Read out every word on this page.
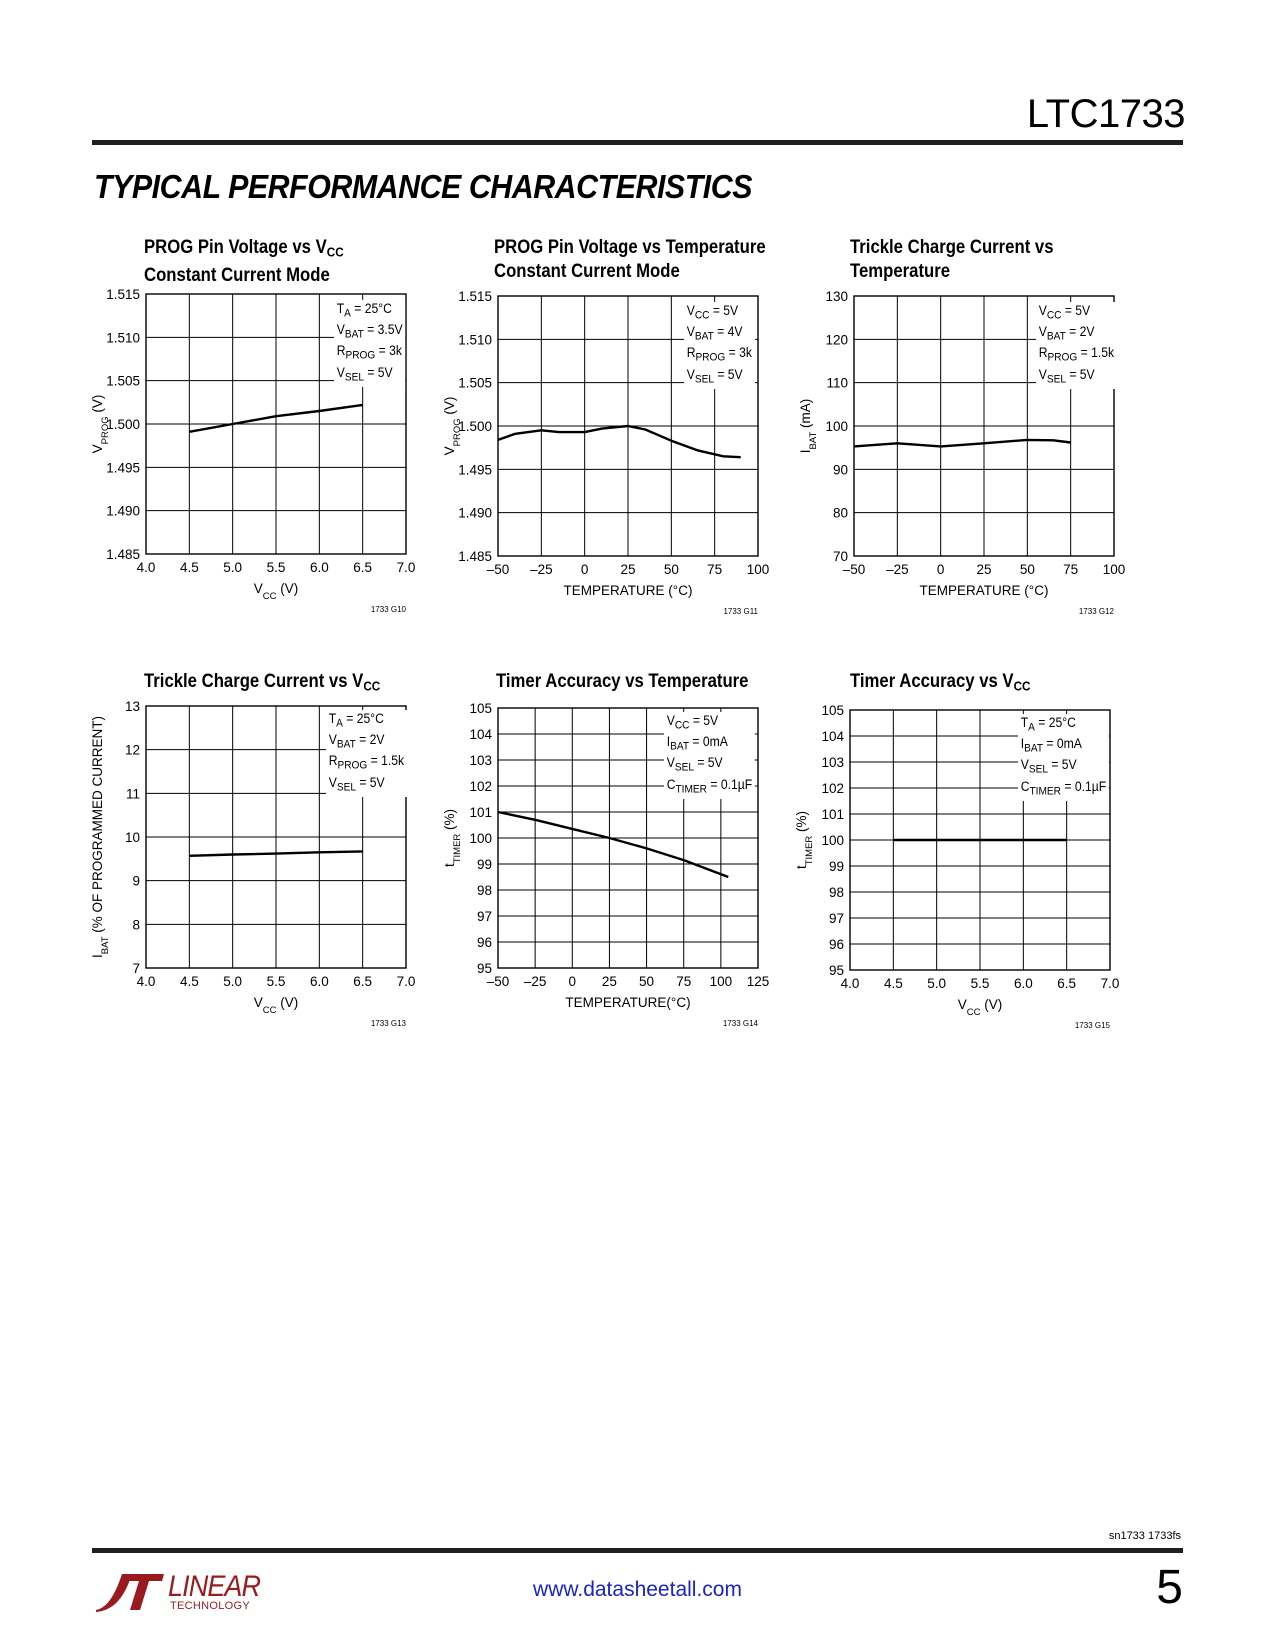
LTC1733
TYPICAL PERFORMANCE CHARACTERISTICS
PROG Pin Voltage vs $V_{CC}$
Constant Current Mode
4.0 4.5 5.0 5.5 6.0 6.5 7.0
1.485
1.490
1.495
1.500
1.505
1.510
1.515
$V_{CC}$ (V)
$V_{PROG}$ (V)
1733 G10
$T_A = 25^\circ C$
$V_{BAT} = 3.5V$
$R_{PROG} = 3k$
$V_{SEL} = 5V$
PROG Pin Voltage vs Temperature
Constant Current Mode
–50 –25 0 25 50 75 100
1.485
1.490
1.495
1.500
1.505
1.510
1.515
TEMPERATURE (°C)
$V_{PROG}$ (V)
1733 G11
$V_{CC} = 5V$
$V_{BAT} = 4V$
$R_{PROG} = 3k$
$V_{SEL} = 5V$
Trickle Charge Current vs
Temperature
–50 –25 0 25 50 75 100
70
80
90
100
110
120
130
TEMPERATURE (°C)
$I_{BAT}$ (mA)
1733 G12
$V_{CC} = 5V$
$V_{BAT} = 2V$
$R_{PROG} = 1.5k$
$V_{SEL} = 5V$
Trickle Charge Current vs $V_{CC}$
4.0 4.5 5.0 5.5 6.0 6.5 7.0
7
8
9
10
11
12
13
$V_{CC}$ (V)
$I_{BAT}$ (% OF PROGRAMMED CURRENT)
1733 G13
$T_A = 25^\circ C$
$V_{BAT} = 2V$
$R_{PROG} = 1.5k$
$V_{SEL} = 5V$
Timer Accuracy vs Temperature
–50 –25 0 25 50 75 100 125
95
96
97
98
99
100
101
102
103
104
105
TEMPERATURE(°C)
$t_{TIMER}$ (%)
1733 G14
$V_{CC} = 5V$
$I_{BAT} = 0mA$
$V_{SEL} = 5V$
$C_{TIMER} = 0.1\mu F$
Timer Accuracy vs $V_{CC}$
4.0 4.5 5.0 5.5 6.0 6.5 7.0
95
96
97
98
99
100
101
102
103
104
105
$V_{CC}$ (V)
$t_{TIMER}$ (%)
1733 G15
$T_A = 25^\circ C$
$I_{BAT} = 0mA$
$V_{SEL} = 5V$
$C_{TIMER} = 0.1\mu F$
sn1733 1733fs
LINEAR
TECHNOLOGY
www.datasheetall.com	5
